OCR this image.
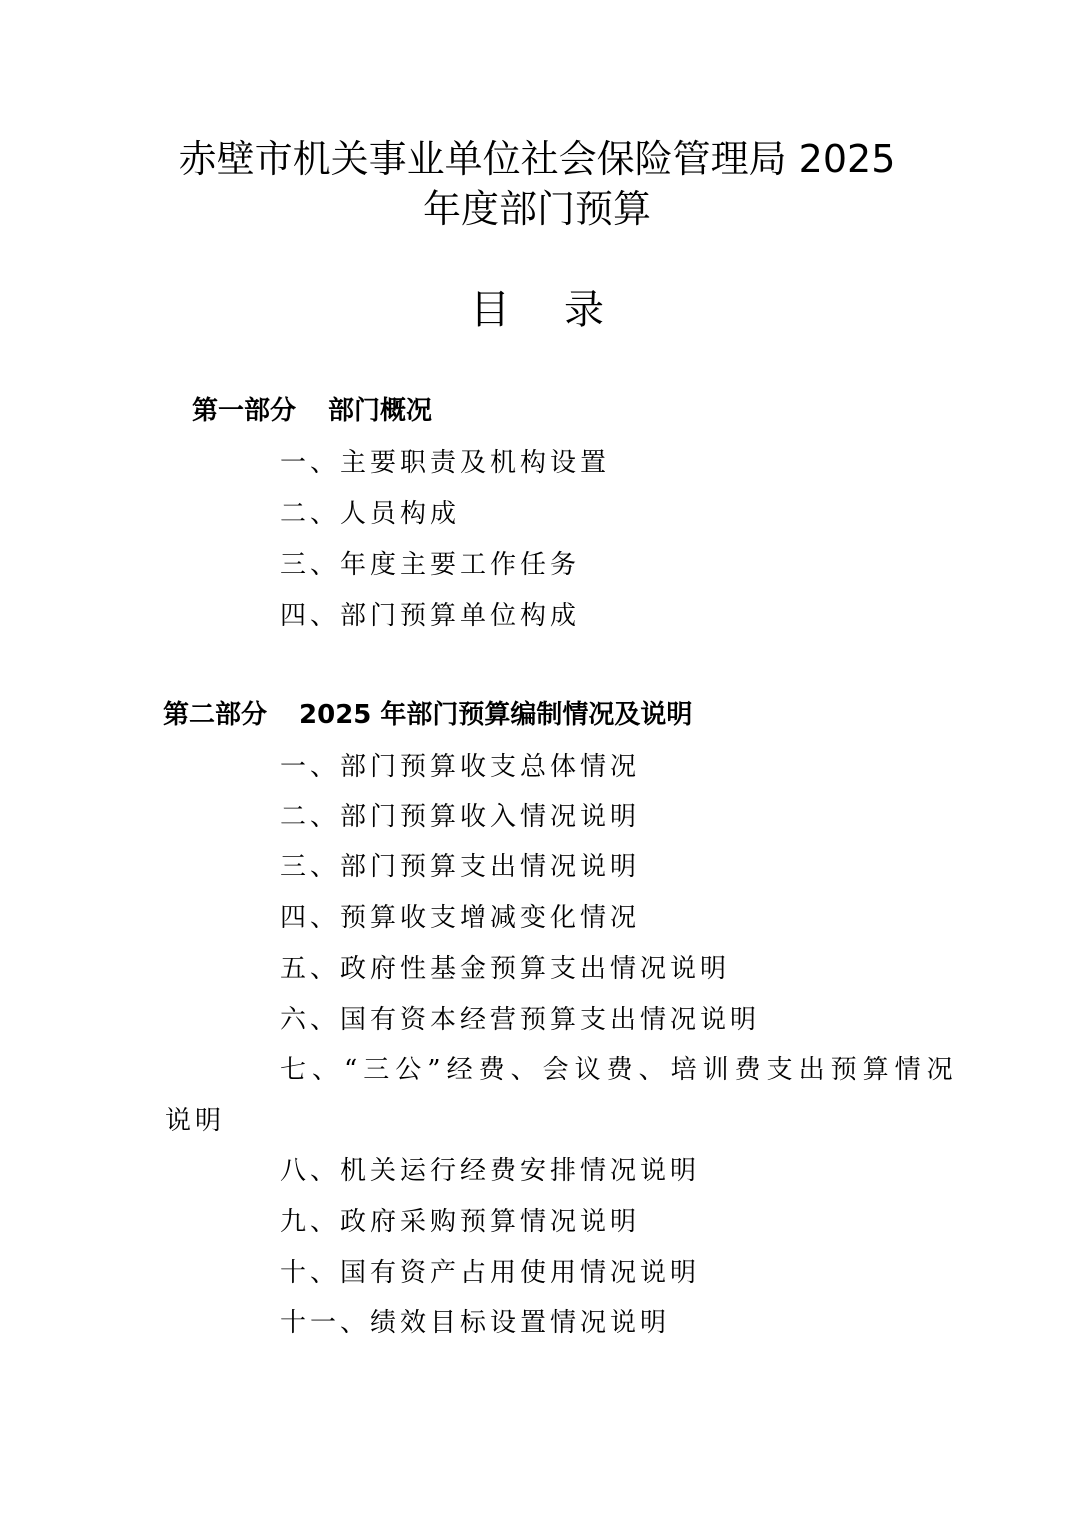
赤壁市机关事业单位社会保险管理局 2025
年度部门预算
目录
第一部分 部门概况
一、主要职责及机构设置
二、人员构成
三、年度主要工作任务
四、部门预算单位构成
第二部分 2025 年部门预算编制情况及说明
一、部门预算收支总体情况
二、部门预算收入情况说明
三、部门预算支出情况说明
四、预算收支增减变化情况
五、政府性基金预算支出情况说明
六、国有资本经营预算支出情况说明
七、“三公”经费、会议费、培训费支出预算情况
说明
八、机关运行经费安排情况说明
九、政府采购预算情况说明
十、国有资产占用使用情况说明
十一、绩效目标设置情况说明
